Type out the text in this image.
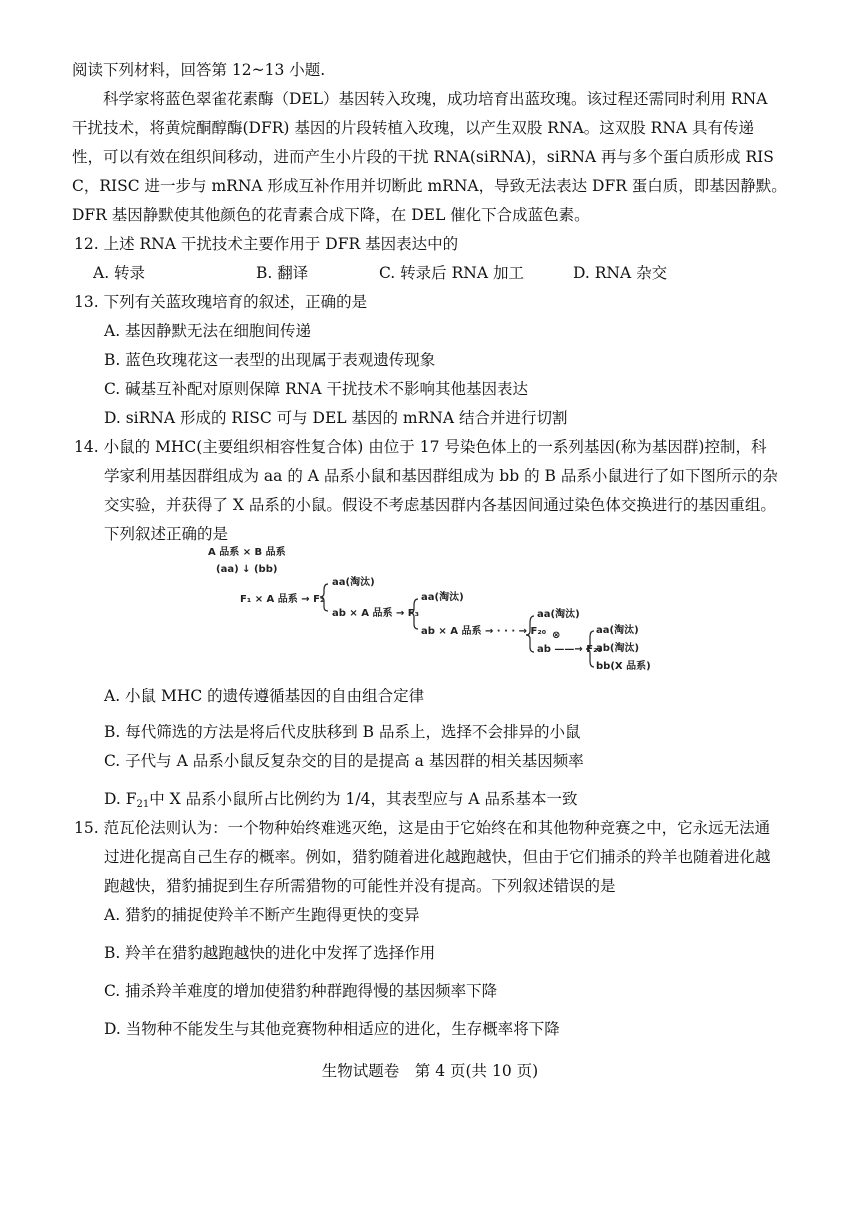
阅读下列材料，回答第 12~13 小题.
科学家将蓝色翠雀花素酶（DEL）基因转入玫瑰，成功培育出蓝玫瑰。该过程还需同时利用 RNA
干扰技术，将黄烷酮醇酶(DFR) 基因的片段转植入玫瑰，以产生双股 RNA。这双股 RNA 具有传递
性，可以有效在组织间移动，进而产生小片段的干扰 RNA(siRNA)，siRNA 再与多个蛋白质形成 RIS
C，RISC 进一步与 mRNA 形成互补作用并切断此 mRNA，导致无法表达 DFR 蛋白质，即基因静默。
DFR 基因静默使其他颜色的花青素合成下降，在 DEL 催化下合成蓝色素。
12. 上述 RNA 干扰技术主要作用于 DFR 基因表达中的
A. 转录	B. 翻译	C. 转录后 RNA 加工	D. RNA 杂交
13. 下列有关蓝玫瑰培育的叙述，正确的是
A. 基因静默无法在细胞间传递
B. 蓝色玫瑰花这一表型的出现属于表观遗传现象
C. 碱基互补配对原则保障 RNA 干扰技术不影响其他基因表达
D. siRNA 形成的 RISC 可与 DEL 基因的 mRNA 结合并进行切割
14. 小鼠的 MHC(主要组织相容性复合体) 由位于 17 号染色体上的一系列基因(称为基因群)控制，科
学家利用基因群组成为 aa 的 A 品系小鼠和基因群组成为 bb 的 B 品系小鼠进行了如下图所示的杂
交实验，并获得了 X 品系的小鼠。假设不考虑基因群内各基因间通过染色体交换进行的基因重组。
下列叙述正确的是
A 品系 × B 品系
(aa) ↓ (bb)
F₁ × A 品系 → F₂
aa(淘汰)
ab × A 品系 → F₃
aa(淘汰)
ab × A 品系 → · · · → F₂₀
aa(淘汰)
⊗
ab ——→ F₂₁
aa(淘汰)
ab(淘汰)
bb(X 品系)
A. 小鼠 MHC 的遗传遵循基因的自由组合定律
B. 每代筛选的方法是将后代皮肤移到 B 品系上，选择不会排异的小鼠
C. 子代与 A 品系小鼠反复杂交的目的是提高 a 基因群的相关基因频率
D. $F_{21}$中 X 品系小鼠所占比例约为 1/4，其表型应与 A 品系基本一致
15. 范瓦伦法则认为：一个物种始终难逃灭绝，这是由于它始终在和其他物种竞赛之中，它永远无法通
过进化提高自己生存的概率。例如，猎豹随着进化越跑越快，但由于它们捕杀的羚羊也随着进化越
跑越快，猎豹捕捉到生存所需猎物的可能性并没有提高。下列叙述错误的是
A. 猎豹的捕捉使羚羊不断产生跑得更快的变异
B. 羚羊在猎豹越跑越快的进化中发挥了选择作用
C. 捕杀羚羊难度的增加使猎豹种群跑得慢的基因频率下降
D. 当物种不能发生与其他竞赛物种相适应的进化，生存概率将下降
生物试题卷　第 4 页(共 10 页)
